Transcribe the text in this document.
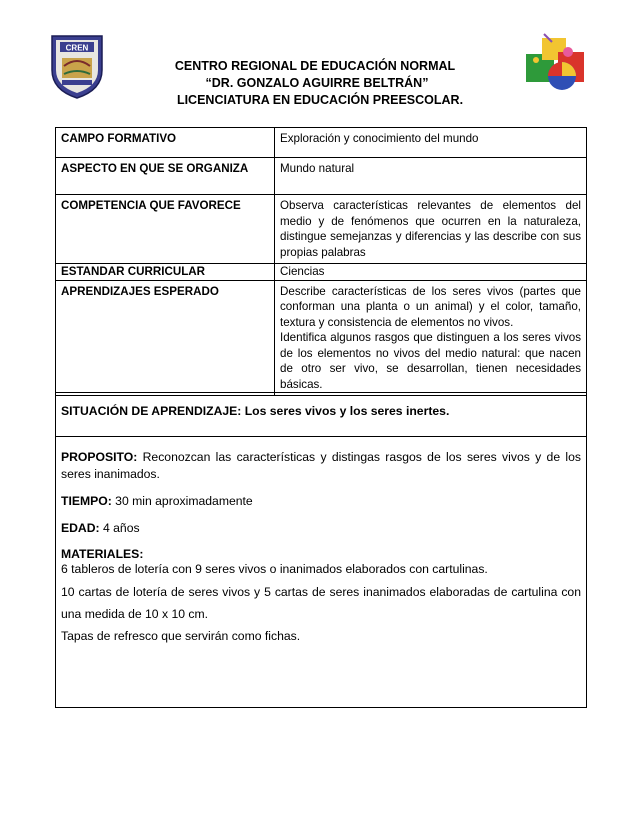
CREN
CENTRO REGIONAL DE EDUCACIÓN NORMAL
“DR. GONZALO AGUIRRE BELTRÁN”
LICENCIATURA EN EDUCACIÓN PREESCOLAR.
CAMPO FORMATIVO	Exploración y conocimiento del mundo
ASPECTO EN QUE SE ORGANIZA	Mundo natural
COMPETENCIA QUE FAVORECE	Observa características relevantes de elementos del medio y de fenómenos que ocurren en la naturaleza, distingue semejanzas y diferencias y las describe con sus propias palabras
ESTANDAR CURRICULAR	Ciencias
APRENDIZAJES ESPERADO	Describe características de los seres vivos (partes que conforman una planta o un animal) y el color, tamaño, textura y consistencia de elementos no vivos.
Identifica algunos rasgos que distinguen a los seres vivos de los elementos no vivos del medio natural: que nacen de otro ser vivo, se desarrollan, tienen necesidades básicas.
SITUACIÓN DE APRENDIZAJE: Los seres vivos y los seres inertes.

PROPOSITO: Reconozcan las características y distingas rasgos de los seres vivos y de los seres inanimados.

TIEMPO: 30 min aproximadamente

EDAD: 4 años

MATERIALES:

6 tableros de lotería con 9 seres vivos o inanimados elaborados con cartulinas.

10 cartas de lotería de seres vivos y 5 cartas de seres inanimados elaboradas de cartulina con una medida de 10 x 10 cm.

Tapas de refresco que servirán como fichas.
